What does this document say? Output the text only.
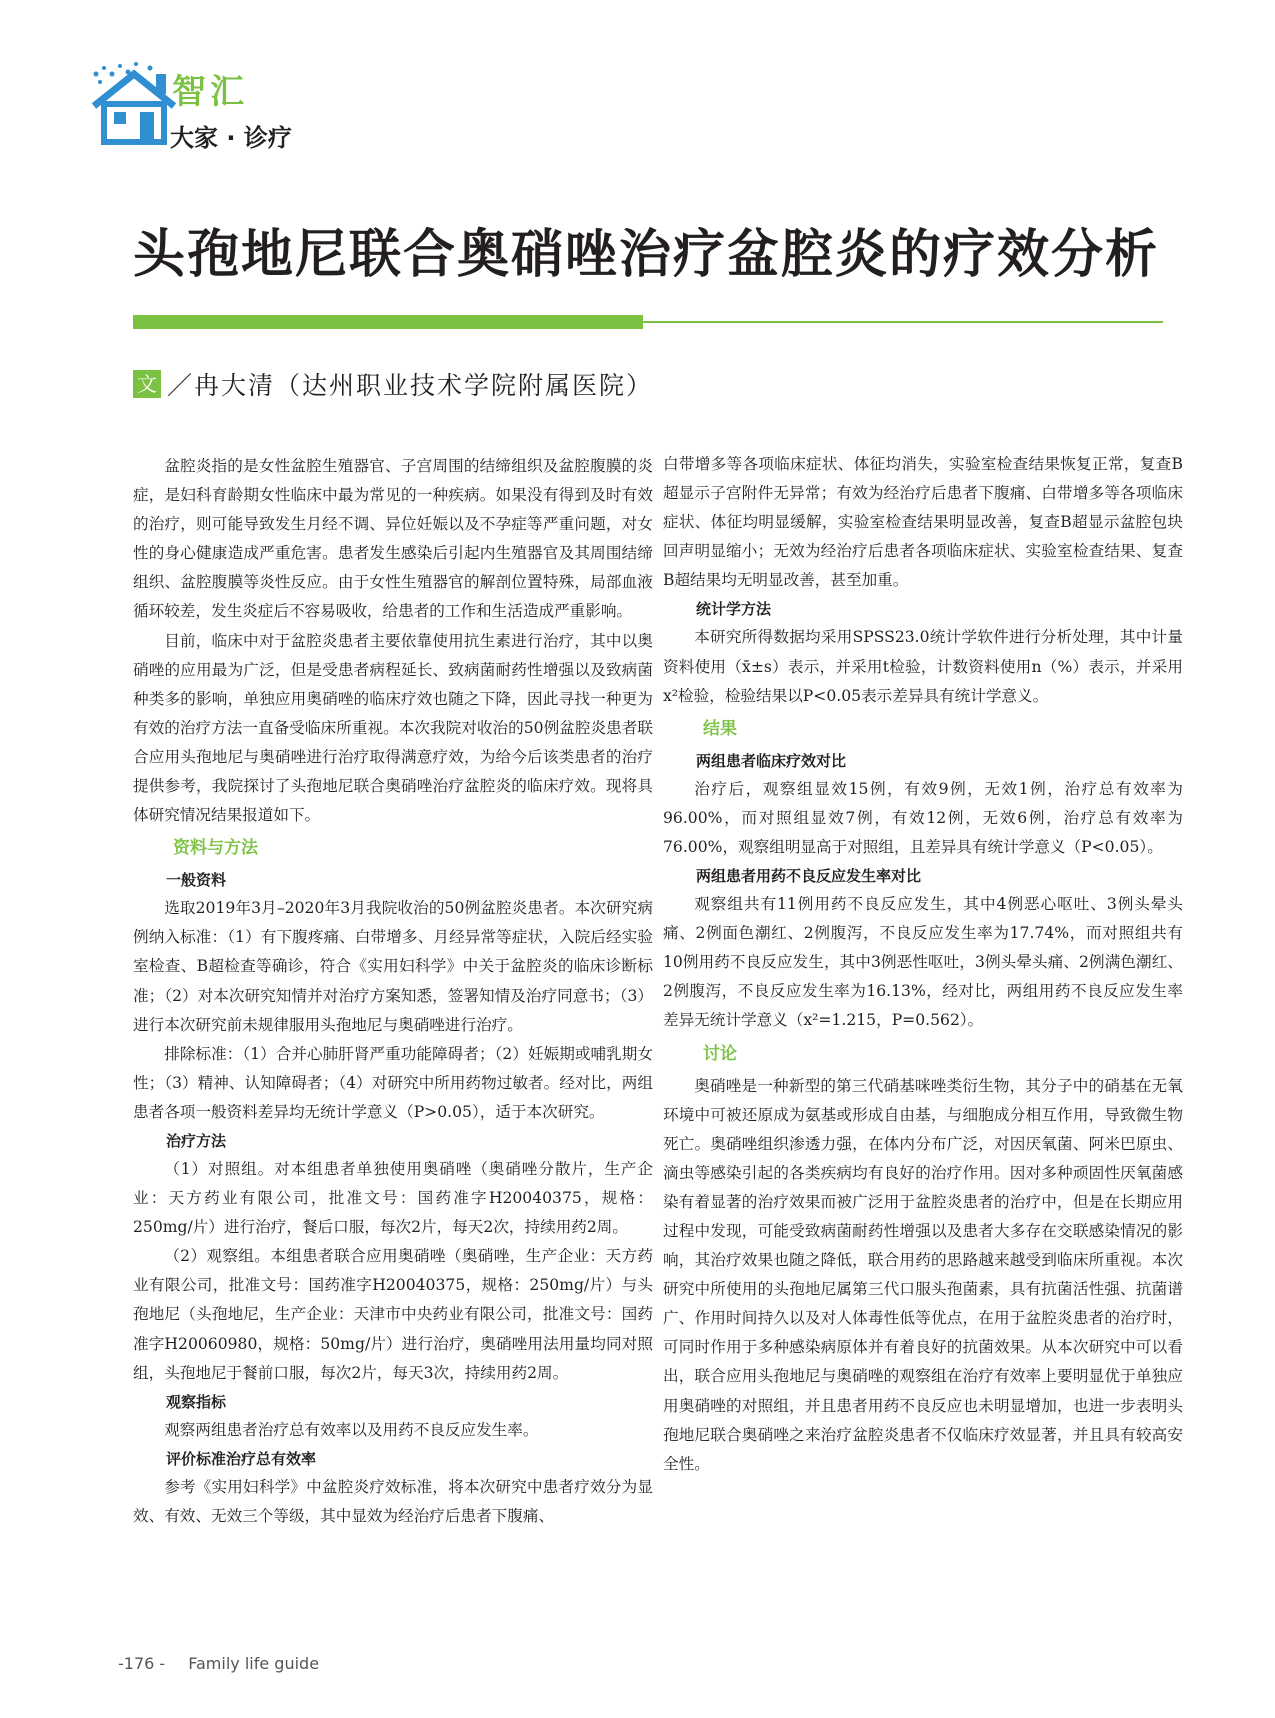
智汇
大家 · 诊疗
头孢地尼联合奥硝唑治疗盆腔炎的疗效分析
文 ／冉大清（达州职业技术学院附属医院）

盆腔炎指的是女性盆腔生殖器官、子宫周围的结缔组织及盆腔腹膜的炎症，是妇科育龄期女性临床中最为常见的一种疾病。如果没有得到及时有效的治疗，则可能导致发生月经不调、异位妊娠以及不孕症等严重问题，对女性的身心健康造成严重危害。患者发生感染后引起内生殖器官及其周围结缔组织、盆腔腹膜等炎性反应。由于女性生殖器官的解剖位置特殊，局部血液循环较差，发生炎症后不容易吸收，给患者的工作和生活造成严重影响。

目前，临床中对于盆腔炎患者主要依靠使用抗生素进行治疗，其中以奥硝唑的应用最为广泛，但是受患者病程延长、致病菌耐药性增强以及致病菌种类多的影响，单独应用奥硝唑的临床疗效也随之下降，因此寻找一种更为有效的治疗方法一直备受临床所重视。本次我院对收治的50例盆腔炎患者联合应用头孢地尼与奥硝唑进行治疗取得满意疗效，为给今后该类患者的治疗提供参考，我院探讨了头孢地尼联合奥硝唑治疗盆腔炎的临床疗效。现将具体研究情况结果报道如下。

资料与方法
一般资料

选取2019年3月–2020年3月我院收治的50例盆腔炎患者。本次研究病例纳入标准：（1）有下腹疼痛、白带增多、月经异常等症状，入院后经实验室检查、B超检查等确诊，符合《实用妇科学》中关于盆腔炎的临床诊断标准；（2）对本次研究知情并对治疗方案知悉，签署知情及治疗同意书；（3）进行本次研究前未规律服用头孢地尼与奥硝唑进行治疗。

排除标准：（1）合并心肺肝肾严重功能障碍者；（2）妊娠期或哺乳期女性；（3）精神、认知障碍者；（4）对研究中所用药物过敏者。经对比，两组患者各项一般资料差异均无统计学意义（P>0.05），适于本次研究。

治疗方法

（1）对照组。对本组患者单独使用奥硝唑（奥硝唑分散片，生产企业：天方药业有限公司，批准文号：国药准字H20040375，规格：250mg/片）进行治疗，餐后口服，每次2片，每天2次，持续用药2周。

（2）观察组。本组患者联合应用奥硝唑（奥硝唑，生产企业：天方药业有限公司，批准文号：国药准字H20040375，规格：250mg/片）与头孢地尼（头孢地尼，生产企业：天津市中央药业有限公司，批准文号：国药准字H20060980，规格：50mg/片）进行治疗，奥硝唑用法用量均同对照组，头孢地尼于餐前口服，每次2片，每天3次，持续用药2周。

观察指标

观察两组患者治疗总有效率以及用药不良反应发生率。

评价标准治疗总有效率

参考《实用妇科学》中盆腔炎疗效标准，将本次研究中患者疗效分为显效、有效、无效三个等级，其中显效为经治疗后患者下腹痛、

白带增多等各项临床症状、体征均消失，实验室检查结果恢复正常，复查B超显示子宫附件无异常；有效为经治疗后患者下腹痛、白带增多等各项临床症状、体征均明显缓解，实验室检查结果明显改善，复查B超显示盆腔包块回声明显缩小；无效为经治疗后患者各项临床症状、实验室检查结果、复查B超结果均无明显改善，甚至加重。

统计学方法

本研究所得数据均采用SPSS23.0统计学软件进行分析处理，其中计量资料使用（x̄±s）表示，并采用t检验，计数资料使用n（%）表示，并采用x²检验，检验结果以P<0.05表示差异具有统计学意义。

结果
两组患者临床疗效对比

治疗后，观察组显效15例，有效9例，无效1例，治疗总有效率为96.00%，而对照组显效7例，有效12例，无效6例，治疗总有效率为76.00%，观察组明显高于对照组，且差异具有统计学意义（P<0.05）。

两组患者用药不良反应发生率对比

观察组共有11例用药不良反应发生，其中4例恶心呕吐、3例头晕头痛、2例面色潮红、2例腹泻，不良反应发生率为17.74%，而对照组共有10例用药不良反应发生，其中3例恶性呕吐，3例头晕头痛、2例满色潮红、2例腹泻，不良反应发生率为16.13%，经对比，两组用药不良反应发生率差异无统计学意义（x²=1.215，P=0.562）。

讨论

奥硝唑是一种新型的第三代硝基咪唑类衍生物，其分子中的硝基在无氧环境中可被还原成为氨基或形成自由基，与细胞成分相互作用，导致微生物死亡。奥硝唑组织渗透力强，在体内分布广泛，对因厌氧菌、阿米巴原虫、滴虫等感染引起的各类疾病均有良好的治疗作用。因对多种顽固性厌氧菌感染有着显著的治疗效果而被广泛用于盆腔炎患者的治疗中，但是在长期应用过程中发现，可能受致病菌耐药性增强以及患者大多存在交联感染情况的影响，其治疗效果也随之降低，联合用药的思路越来越受到临床所重视。本次研究中所使用的头孢地尼属第三代口服头孢菌素，具有抗菌活性强、抗菌谱广、作用时间持久以及对人体毒性低等优点，在用于盆腔炎患者的治疗时，可同时作用于多种感染病原体并有着良好的抗菌效果。从本次研究中可以看出，联合应用头孢地尼与奥硝唑的观察组在治疗有效率上要明显优于单独应用奥硝唑的对照组，并且患者用药不良反应也未明显增加，也进一步表明头孢地尼联合奥硝唑之来治疗盆腔炎患者不仅临床疗效显著，并且具有较高安全性。

-176 - Family life guide
